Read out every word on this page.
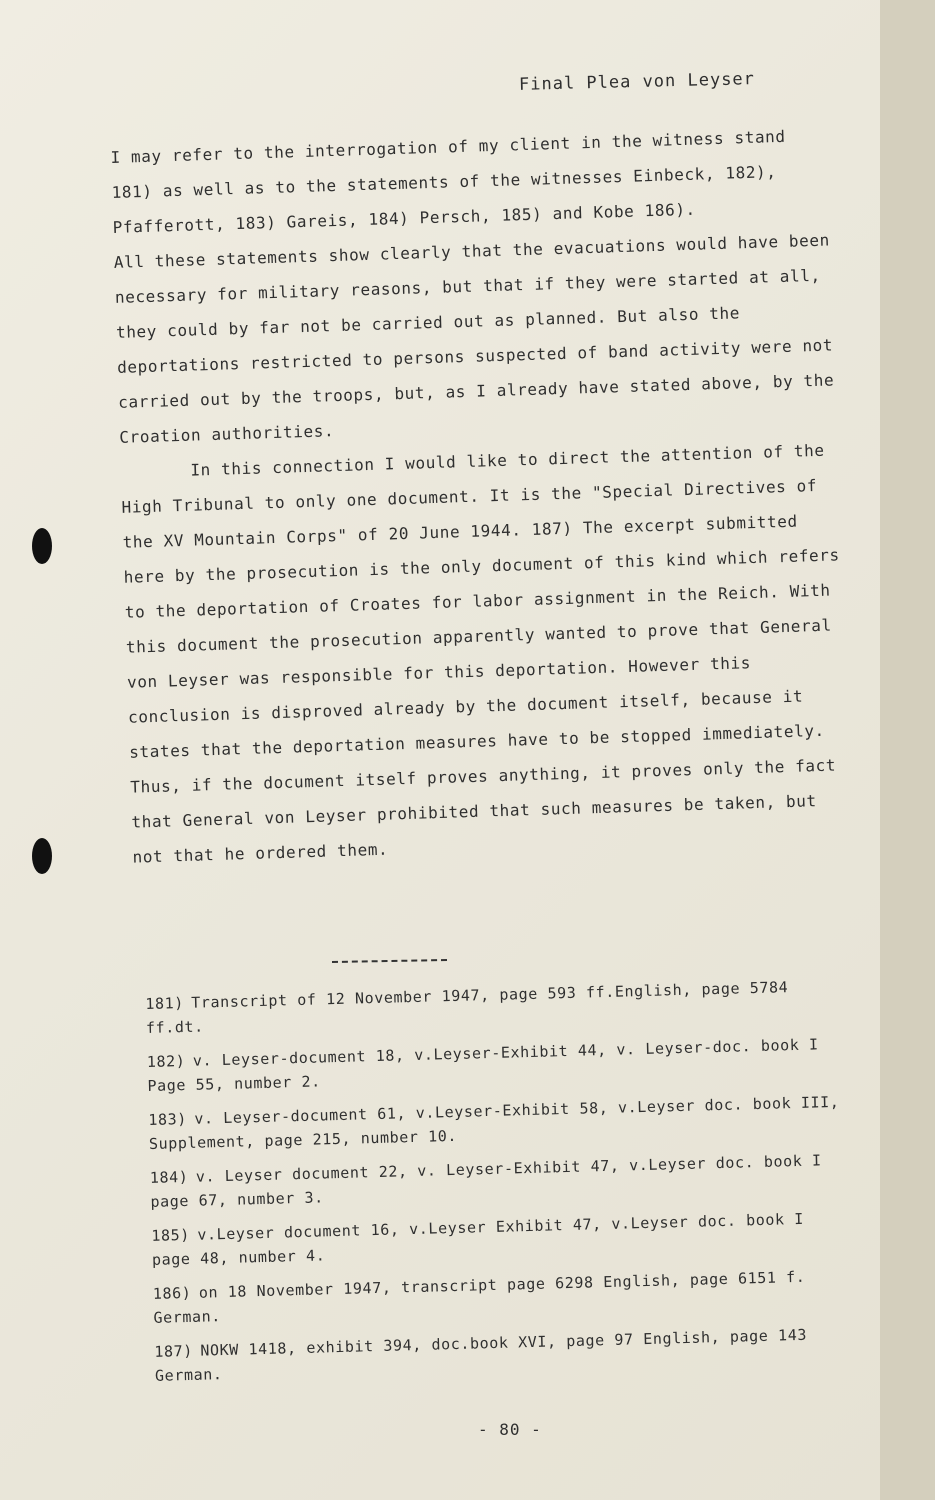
Final Plea von Leyser

I may refer to the interrogation of my client in the witness stand 181) as well as to the statements of the witnesses Einbeck, 182), Pfafferott, 183) Gareis, 184) Persch, 185) and Kobe 186).

All these statements show clearly that the evacuations would have been necessary for military reasons, but that if they were started at all, they could by far not be carried out as planned. But also the deportations restricted to persons suspected of band activity were not carried out by the troops, but, as I already have stated above, by the Croation authorities.

In this connection I would like to direct the attention of the High Tribunal to only one document. It is the "Special Directives of the XV Mountain Corps" of 20 June 1944. 187) The excerpt submitted here by the prosecution is the only document of this kind which refers to the deportation of Croates for labor assignment in the Reich. With this document the prosecution apparently wanted to prove that General von Leyser was responsible for this deportation. However this conclusion is disproved already by the document itself, because it states that the deportation measures have to be stopped immediately. Thus, if the document itself proves anything, it proves only the fact that General von Leyser prohibited that such measures be taken, but not that he ordered them.

181) Transcript of 12 November 1947, page 593 ff.English, page 5784 ff.dt.

182) v. Leyser-document 18, v.Leyser-Exhibit 44, v. Leyser-doc. book I Page 55, number 2.

183) v. Leyser-document 61, v.Leyser-Exhibit 58, v.Leyser doc. book III, Supplement, page 215, number 10.

184) v. Leyser document 22, v. Leyser-Exhibit 47, v.Leyser doc. book I page 67, number 3.

185) v.Leyser document 16, v.Leyser Exhibit 47, v.Leyser doc. book I page 48, number 4.

186) on 18 November 1947, transcript page 6298 English, page 6151 f. German.

187) NOKW 1418, exhibit 394, doc.book XVI, page 97 English, page 143 German.

- 80 -
